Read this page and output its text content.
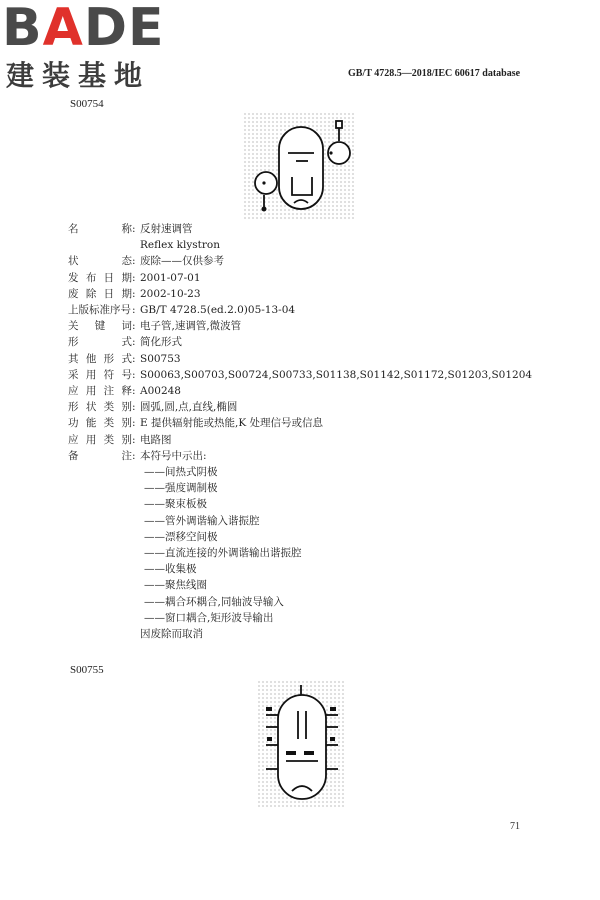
BADE
建装基地	GB/T 4728.5—2018/IEC 60617 database
S00754
名	称 : 反射速调管
Reflex klystron
状	态 : 废除——仅供参考
发 布 日 期 : 2001-07-01
废 除 日 期 : 2002-10-23
上版标准序号 : GB/T 4728.5(ed.2.0)05-13-04
关 键 词 : 电子管,速调管,微波管
形	式 : 简化形式
其 他 形 式 : S00753
采 用 符 号 : S00063,S00703,S00724,S00733,S01138,S01142,S01172,S01203,S01204
应 用 注 释 : A00248
形 状 类 别 : 圆弧,圆,点,直线,椭圆
功 能 类 别 : E 提供辐射能或热能,K 处理信号或信息
应 用 类 别 : 电路图
备	注 : 本符号中示出:
——间热式阴极
——强度调制极
——聚束板极
——管外调谐输入谐振腔
——漂移空间极
——直流连接的外调谐输出谐振腔
——收集极
——聚焦线圈
——耦合环耦合,同轴波导输入
——窗口耦合,矩形波导输出
因废除而取消
S00755
71
